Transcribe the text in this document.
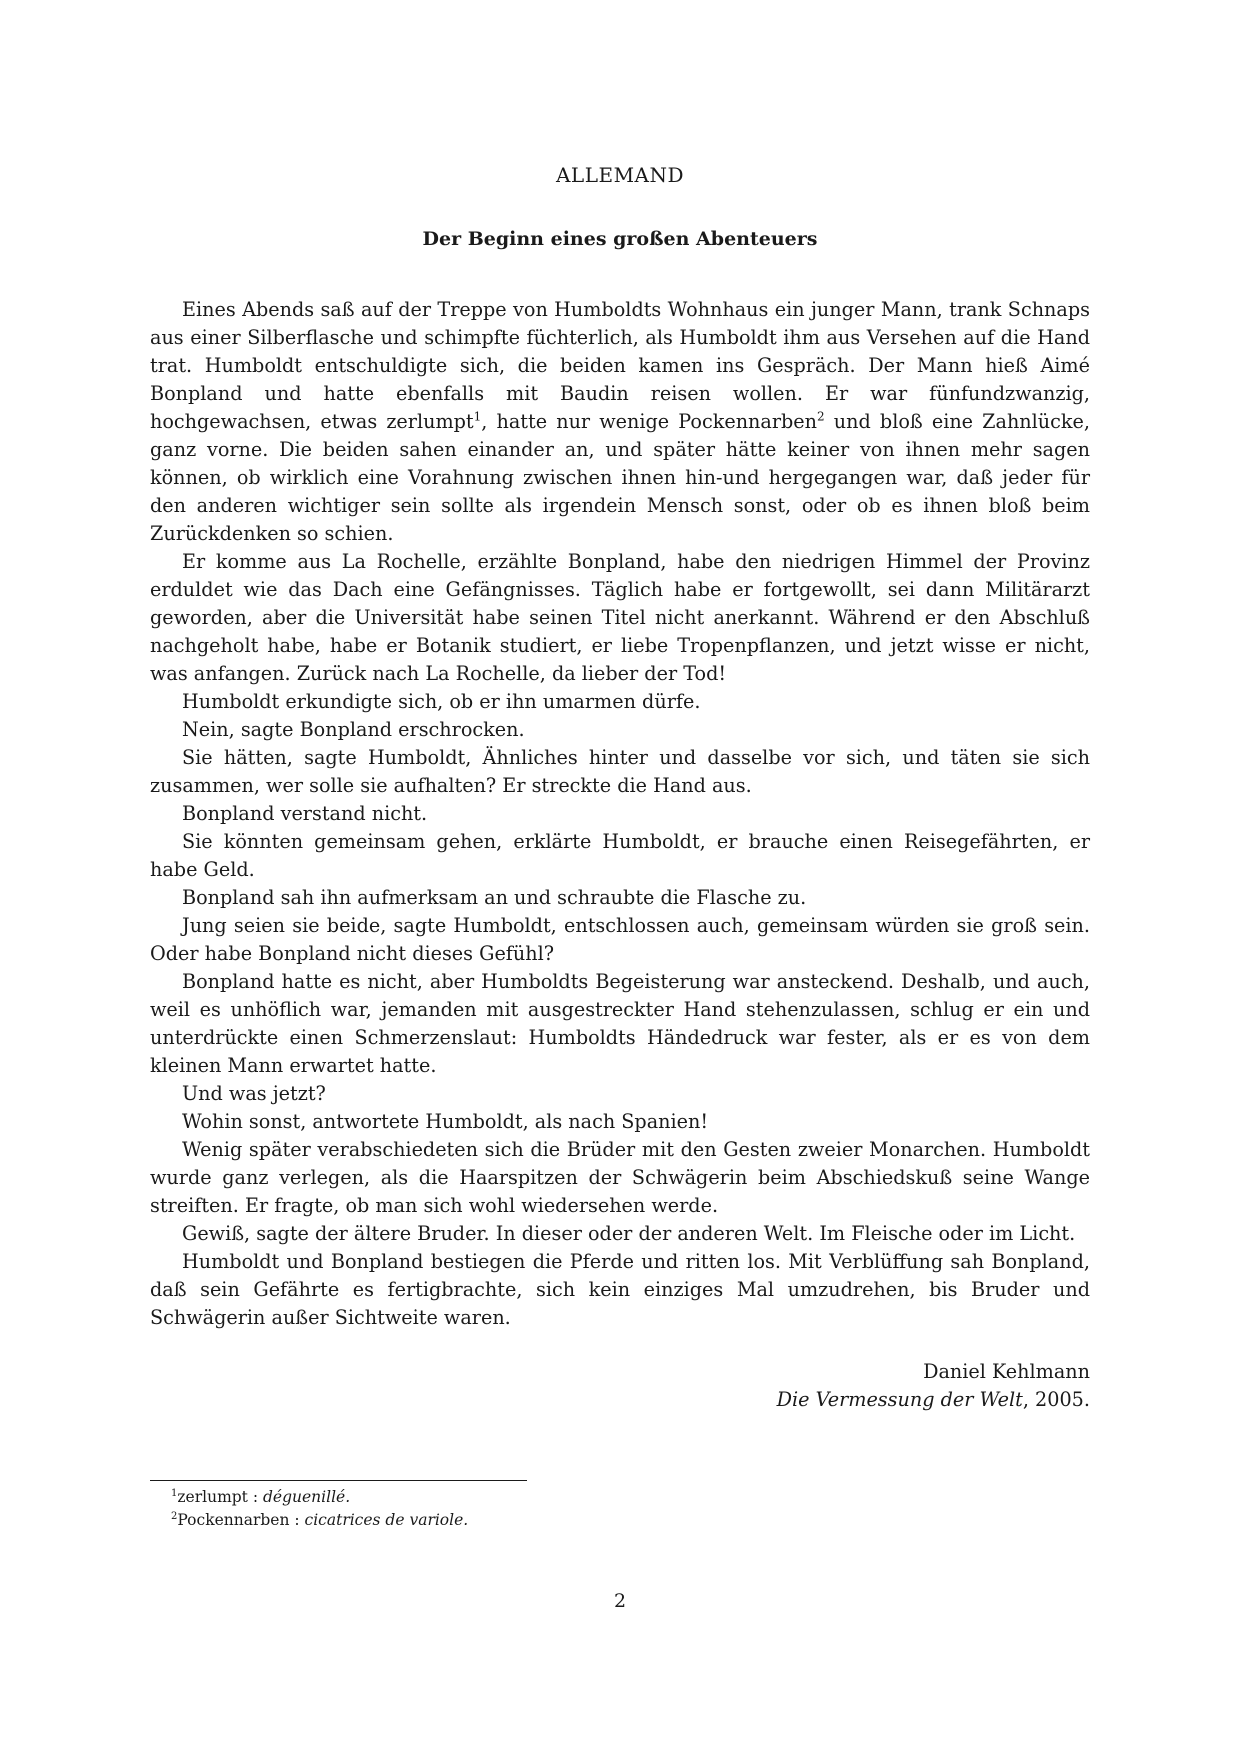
ALLEMAND
Der Beginn eines großen Abenteuers

Eines Abends saß auf der Treppe von Humboldts Wohnhaus ein junger Mann, trank Schnaps aus einer Silberflasche und schimpfte füchterlich, als Humboldt ihm aus Versehen auf die Hand trat. Humboldt entschuldigte sich, die beiden kamen ins Gespräch. Der Mann hieß Aimé Bonpland und hatte ebenfalls mit Baudin reisen wollen. Er war fünfundzwanzig, hochgewachsen, etwas zerlumpt$^1$, hatte nur wenige Pockennarben$^2$ und bloß eine Zahnlücke, ganz vorne. Die beiden sahen einander an, und später hätte keiner von ihnen mehr sagen können, ob wirklich eine Vorahnung zwischen ihnen hin-und hergegangen war, daß jeder für den anderen wichtiger sein sollte als irgendein Mensch sonst, oder ob es ihnen bloß beim Zurückdenken so schien.

Er komme aus La Rochelle, erzählte Bonpland, habe den niedrigen Himmel der Provinz erduldet wie das Dach eine Gefängnisses. Täglich habe er fortgewollt, sei dann Militärarzt geworden, aber die Universität habe seinen Titel nicht anerkannt. Während er den Abschluß nachgeholt habe, habe er Botanik studiert, er liebe Tropenpflanzen, und jetzt wisse er nicht, was anfangen. Zurück nach La Rochelle, da lieber der Tod!

Humboldt erkundigte sich, ob er ihn umarmen dürfe.

Nein, sagte Bonpland erschrocken.

Sie hätten, sagte Humboldt, Ähnliches hinter und dasselbe vor sich, und täten sie sich zusammen, wer solle sie aufhalten? Er streckte die Hand aus.

Bonpland verstand nicht.

Sie könnten gemeinsam gehen, erklärte Humboldt, er brauche einen Reisegefährten, er habe Geld.

Bonpland sah ihn aufmerksam an und schraubte die Flasche zu.

Jung seien sie beide, sagte Humboldt, entschlossen auch, gemeinsam würden sie groß sein. Oder habe Bonpland nicht dieses Gefühl?

Bonpland hatte es nicht, aber Humboldts Begeisterung war ansteckend. Deshalb, und auch, weil es unhöflich war, jemanden mit ausgestreckter Hand stehenzulassen, schlug er ein und unterdrückte einen Schmerzenslaut: Humboldts Händedruck war fester, als er es von dem kleinen Mann erwartet hatte.

Und was jetzt?

Wohin sonst, antwortete Humboldt, als nach Spanien!

Wenig später verabschiedeten sich die Brüder mit den Gesten zweier Monarchen. Humboldt wurde ganz verlegen, als die Haarspitzen der Schwägerin beim Abschiedskuß seine Wange streiften. Er fragte, ob man sich wohl wiedersehen werde.

Gewiß, sagte der ältere Bruder. In dieser oder der anderen Welt. Im Fleische oder im Licht.

Humboldt und Bonpland bestiegen die Pferde und ritten los. Mit Verblüffung sah Bonpland, daß sein Gefährte es fertigbrachte, sich kein einziges Mal umzudrehen, bis Bruder und Schwägerin außer Sichtweite waren.

Daniel Kehlmann
Die Vermessung der Welt, 2005.
$^1$zerlumpt : déguenillé.
$^2$Pockennarben : cicatrices de variole.
2
